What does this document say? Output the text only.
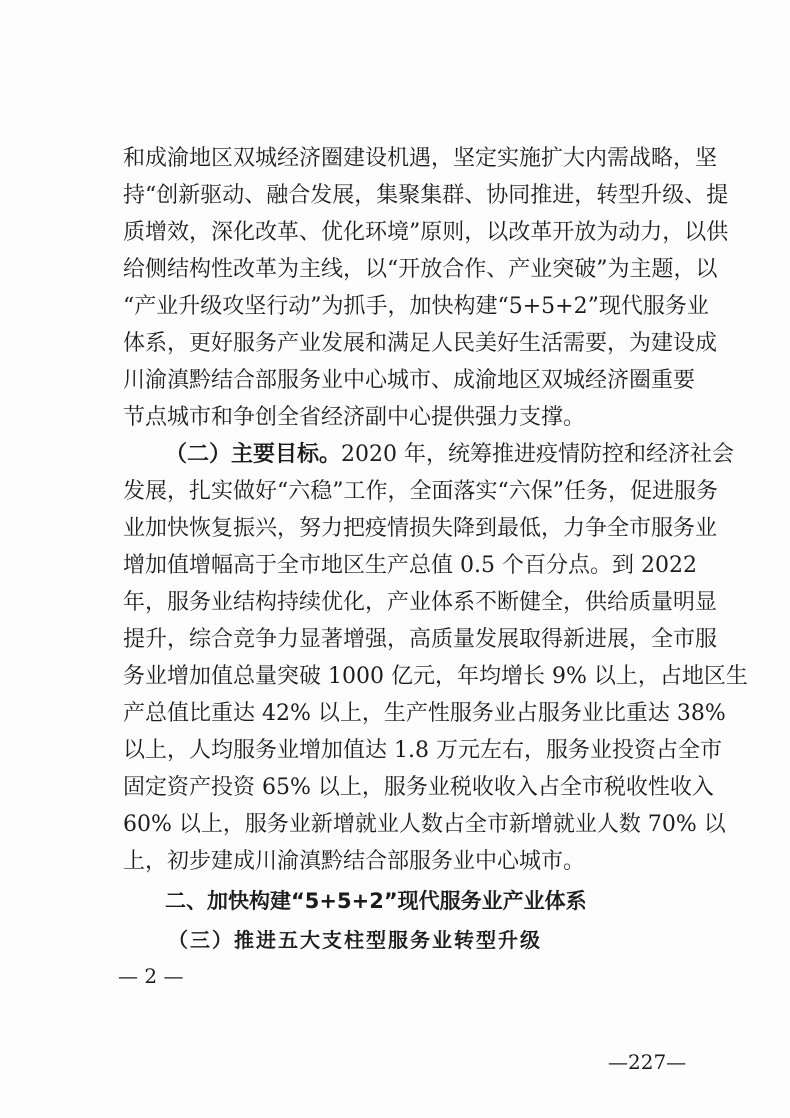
和成渝地区双城经济圈建设机遇，坚定实施扩大内需战略，坚
持“创新驱动、融合发展，集聚集群、协同推进，转型升级、提
质增效，深化改革、优化环境”原则，以改革开放为动力，以供
给侧结构性改革为主线，以“开放合作、产业突破”为主题，以
“产业升级攻坚行动”为抓手，加快构建“5+5+2”现代服务业
体系，更好服务产业发展和满足人民美好生活需要，为建设成
川渝滇黔结合部服务业中心城市、成渝地区双城经济圈重要
节点城市和争创全省经济副中心提供强力支撑。
（二）主要目标。2020 年，统筹推进疫情防控和经济社会
发展，扎实做好“六稳”工作，全面落实“六保”任务，促进服务
业加快恢复振兴，努力把疫情损失降到最低，力争全市服务业
增加值增幅高于全市地区生产总值 0.5 个百分点。到 2022
年，服务业结构持续优化，产业体系不断健全，供给质量明显
提升，综合竞争力显著增强，高质量发展取得新进展，全市服
务业增加值总量突破 1000 亿元，年均增长 9% 以上，占地区生
产总值比重达 42% 以上，生产性服务业占服务业比重达 38%
以上，人均服务业增加值达 1.8 万元左右，服务业投资占全市
固定资产投资 65% 以上，服务业税收收入占全市税收性收入
60% 以上，服务业新增就业人数占全市新增就业人数 70% 以
上，初步建成川渝滇黔结合部服务业中心城市。
二、加快构建“5+5+2”现代服务业产业体系
（三）推进五大支柱型服务业转型升级
— 2 —
—227—
